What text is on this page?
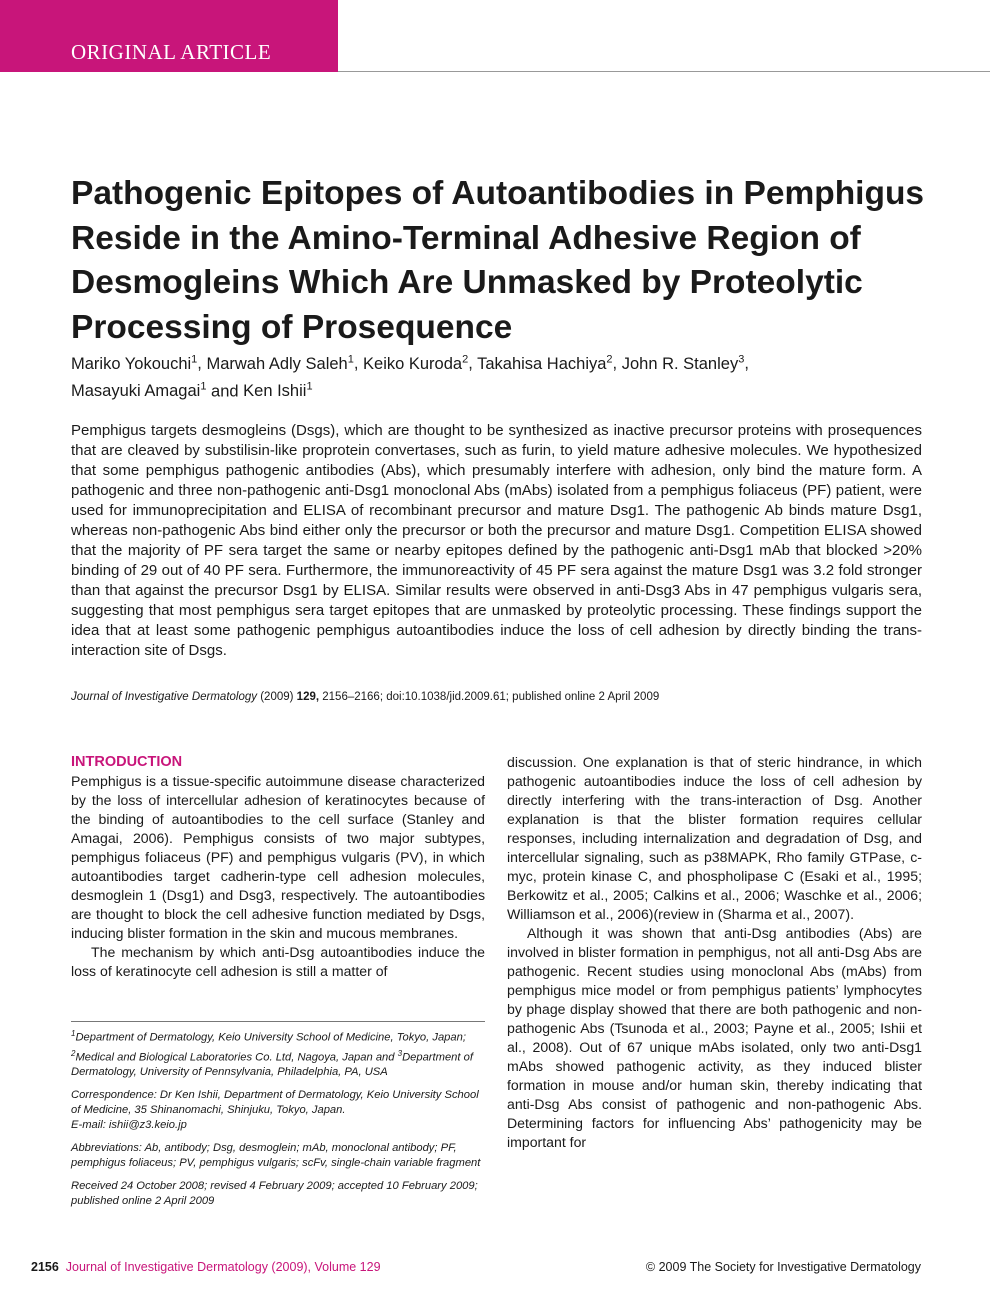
ORIGINAL ARTICLE
Pathogenic Epitopes of Autoantibodies in Pemphigus Reside in the Amino-Terminal Adhesive Region of Desmogleins Which Are Unmasked by Proteolytic Processing of Prosequence

Mariko Yokouchi$^1$, Marwah Adly Saleh$^1$, Keiko Kuroda$^2$, Takahisa Hachiya$^2$, John R. Stanley$^3$,
Masayuki Amagai$^1$ and Ken Ishii$^1$

Pemphigus targets desmogleins (Dsgs), which are thought to be synthesized as inactive precursor proteins with prosequences that are cleaved by substilisin-like proprotein convertases, such as furin, to yield mature adhesive molecules. We hypothesized that some pemphigus pathogenic antibodies (Abs), which presumably interfere with adhesion, only bind the mature form. A pathogenic and three non-pathogenic anti-Dsg1 monoclonal Abs (mAbs) isolated from a pemphigus foliaceus (PF) patient, were used for immunoprecipitation and ELISA of recombinant precursor and mature Dsg1. The pathogenic Ab binds mature Dsg1, whereas non-pathogenic Abs bind either only the precursor or both the precursor and mature Dsg1. Competition ELISA showed that the majority of PF sera target the same or nearby epitopes defined by the pathogenic anti-Dsg1 mAb that blocked >20% binding of 29 out of 40 PF sera. Furthermore, the immunoreactivity of 45 PF sera against the mature Dsg1 was 3.2 fold stronger than that against the precursor Dsg1 by ELISA. Similar results were observed in anti-Dsg3 Abs in 47 pemphigus vulgaris sera, suggesting that most pemphigus sera target epitopes that are unmasked by proteolytic processing. These findings support the idea that at least some pathogenic pemphigus autoantibodies induce the loss of cell adhesion by directly binding the trans-interaction site of Dsgs.

Journal of Investigative Dermatology (2009) 129, 2156–2166; doi:10.1038/jid.2009.61; published online 2 April 2009

INTRODUCTION

Pemphigus is a tissue-specific autoimmune disease characterized by the loss of intercellular adhesion of keratinocytes because of the binding of autoantibodies to the cell surface (Stanley and Amagai, 2006). Pemphigus consists of two major subtypes, pemphigus foliaceus (PF) and pemphigus vulgaris (PV), in which autoantibodies target cadherin-type cell adhesion molecules, desmoglein 1 (Dsg1) and Dsg3, respectively. The autoantibodies are thought to block the cell adhesive function mediated by Dsgs, inducing blister formation in the skin and mucous membranes.

The mechanism by which anti-Dsg autoantibodies induce the loss of keratinocyte cell adhesion is still a matter of

discussion. One explanation is that of steric hindrance, in which pathogenic autoantibodies induce the loss of cell adhesion by directly interfering with the trans-interaction of Dsg. Another explanation is that the blister formation requires cellular responses, including internalization and degradation of Dsg, and intercellular signaling, such as p38MAPK, Rho family GTPase, c-myc, protein kinase C, and phospholipase C (Esaki et al., 1995; Berkowitz et al., 2005; Calkins et al., 2006; Waschke et al., 2006; Williamson et al., 2006)(review in (Sharma et al., 2007).

Although it was shown that anti-Dsg antibodies (Abs) are involved in blister formation in pemphigus, not all anti-Dsg Abs are pathogenic. Recent studies using monoclonal Abs (mAbs) from pemphigus mice model or from pemphigus patients’ lymphocytes by phage display showed that there are both pathogenic and non-pathogenic Abs (Tsunoda et al., 2003; Payne et al., 2005; Ishii et al., 2008). Out of 67 unique mAbs isolated, only two anti-Dsg1 mAbs showed pathogenic activity, as they induced blister formation in mouse and/or human skin, thereby indicating that anti-Dsg Abs consist of pathogenic and non-pathogenic Abs. Determining factors for influencing Abs’ pathogenicity may be important for

$^1$Department of Dermatology, Keio University School of Medicine, Tokyo, Japan; $^2$Medical and Biological Laboratories Co. Ltd, Nagoya, Japan and $^3$Department of Dermatology, University of Pennsylvania, Philadelphia, PA, USA

Correspondence: Dr Ken Ishii, Department of Dermatology, Keio University School of Medicine, 35 Shinanomachi, Shinjuku, Tokyo, Japan.
E-mail: ishii@z3.keio.jp

Abbreviations: Ab, antibody; Dsg, desmoglein; mAb, monoclonal antibody; PF, pemphigus foliaceus; PV, pemphigus vulgaris; scFv, single-chain variable fragment

Received 24 October 2008; revised 4 February 2009; accepted 10 February 2009; published online 2 April 2009

2156 Journal of Investigative Dermatology (2009), Volume 129	© 2009 The Society for Investigative Dermatology
